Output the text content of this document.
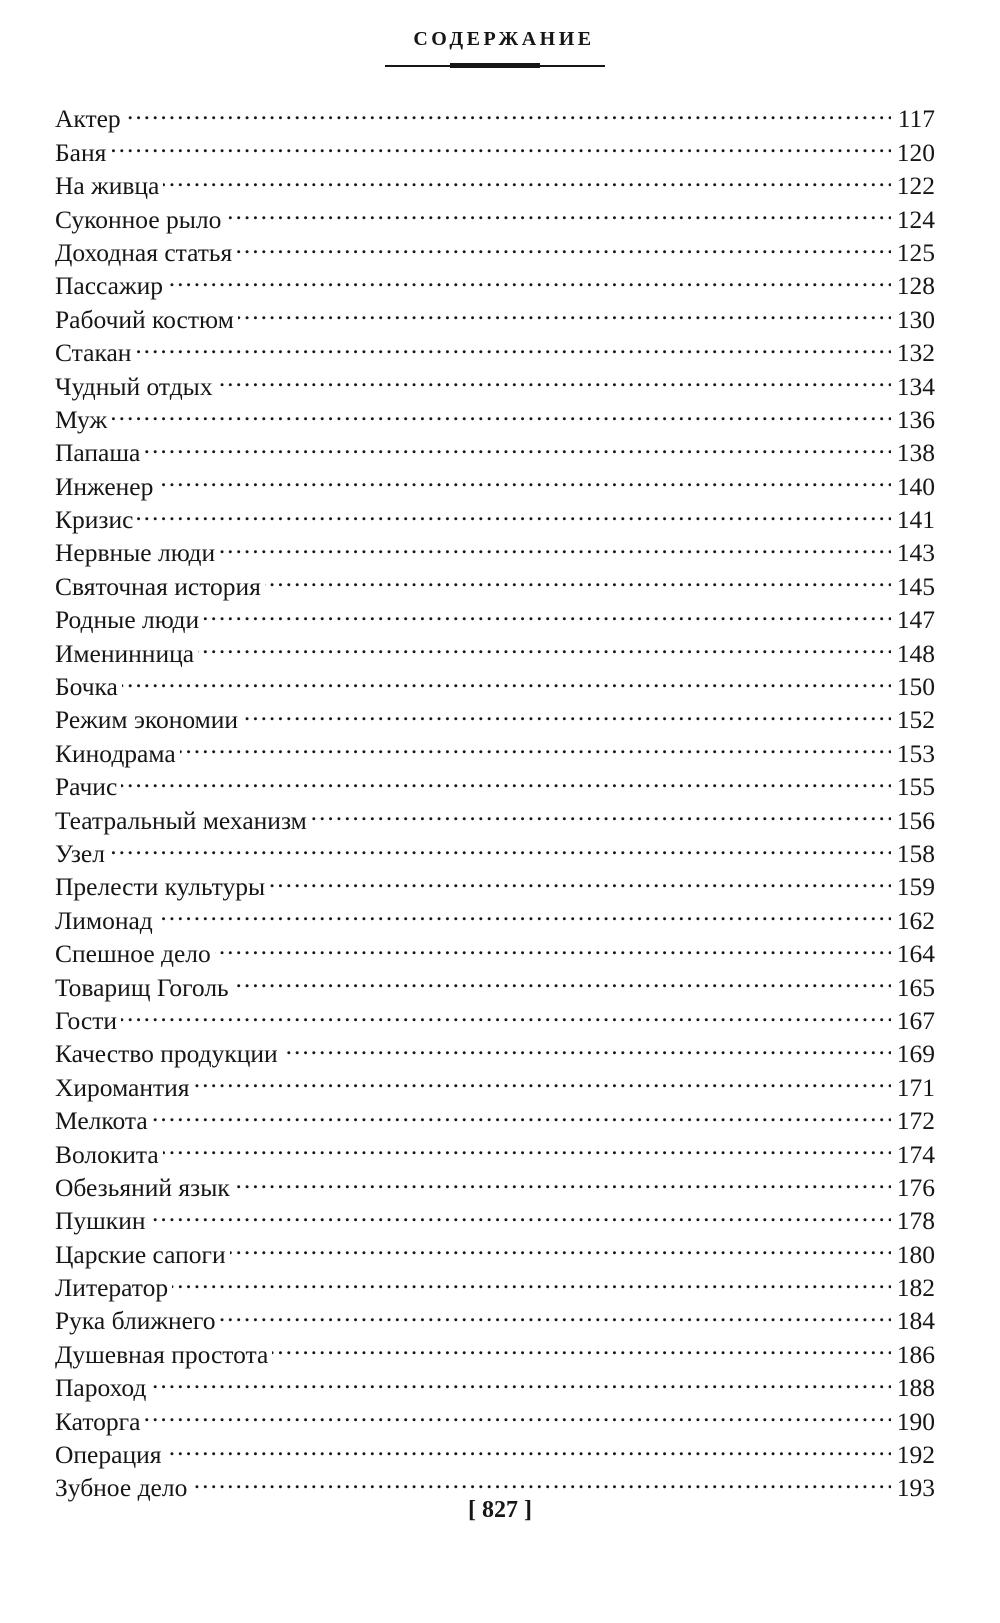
СОДЕРЖАНИЕ
Актер . . .	117
Баня . . .	120
На живца . . .	122
Суконное рыло . . .	124
Доходная статья . . .	125
Пассажир . . .	128
Рабочий костюм . . .	130
Стакан . . .	132
Чудный отдых . . .	134
Муж . . .	136
Папаша . . .	138
Инженер . . .	140
Кризис . . .	141
Нервные люди . . .	143
Святочная история . . .	145
Родные люди . . .	147
Именинница . . .	148
Бочка . . .	150
Режим экономии . . .	152
Кинодрама . . .	153
Рачис . . .	155
Театральный механизм . . .	156
Узел . . .	158
Прелести культуры . . .	159
Лимонад . . .	162
Спешное дело . . .	164
Товарищ Гоголь . . .	165
Гости . . .	167
Качество продукции . . .	169
Хиромантия . . .	171
Мелкота . . .	172
Волокита . . .	174
Обезьяний язык . . .	176
Пушкин . . .	178
Царские сапоги . . .	180
Литератор . . .	182
Рука ближнего . . .	184
Душевная простота . . .	186
Пароход . . .	188
Каторга . . .	190
Операция . . .	192
Зубное дело . . .	193
[ 827 ]
